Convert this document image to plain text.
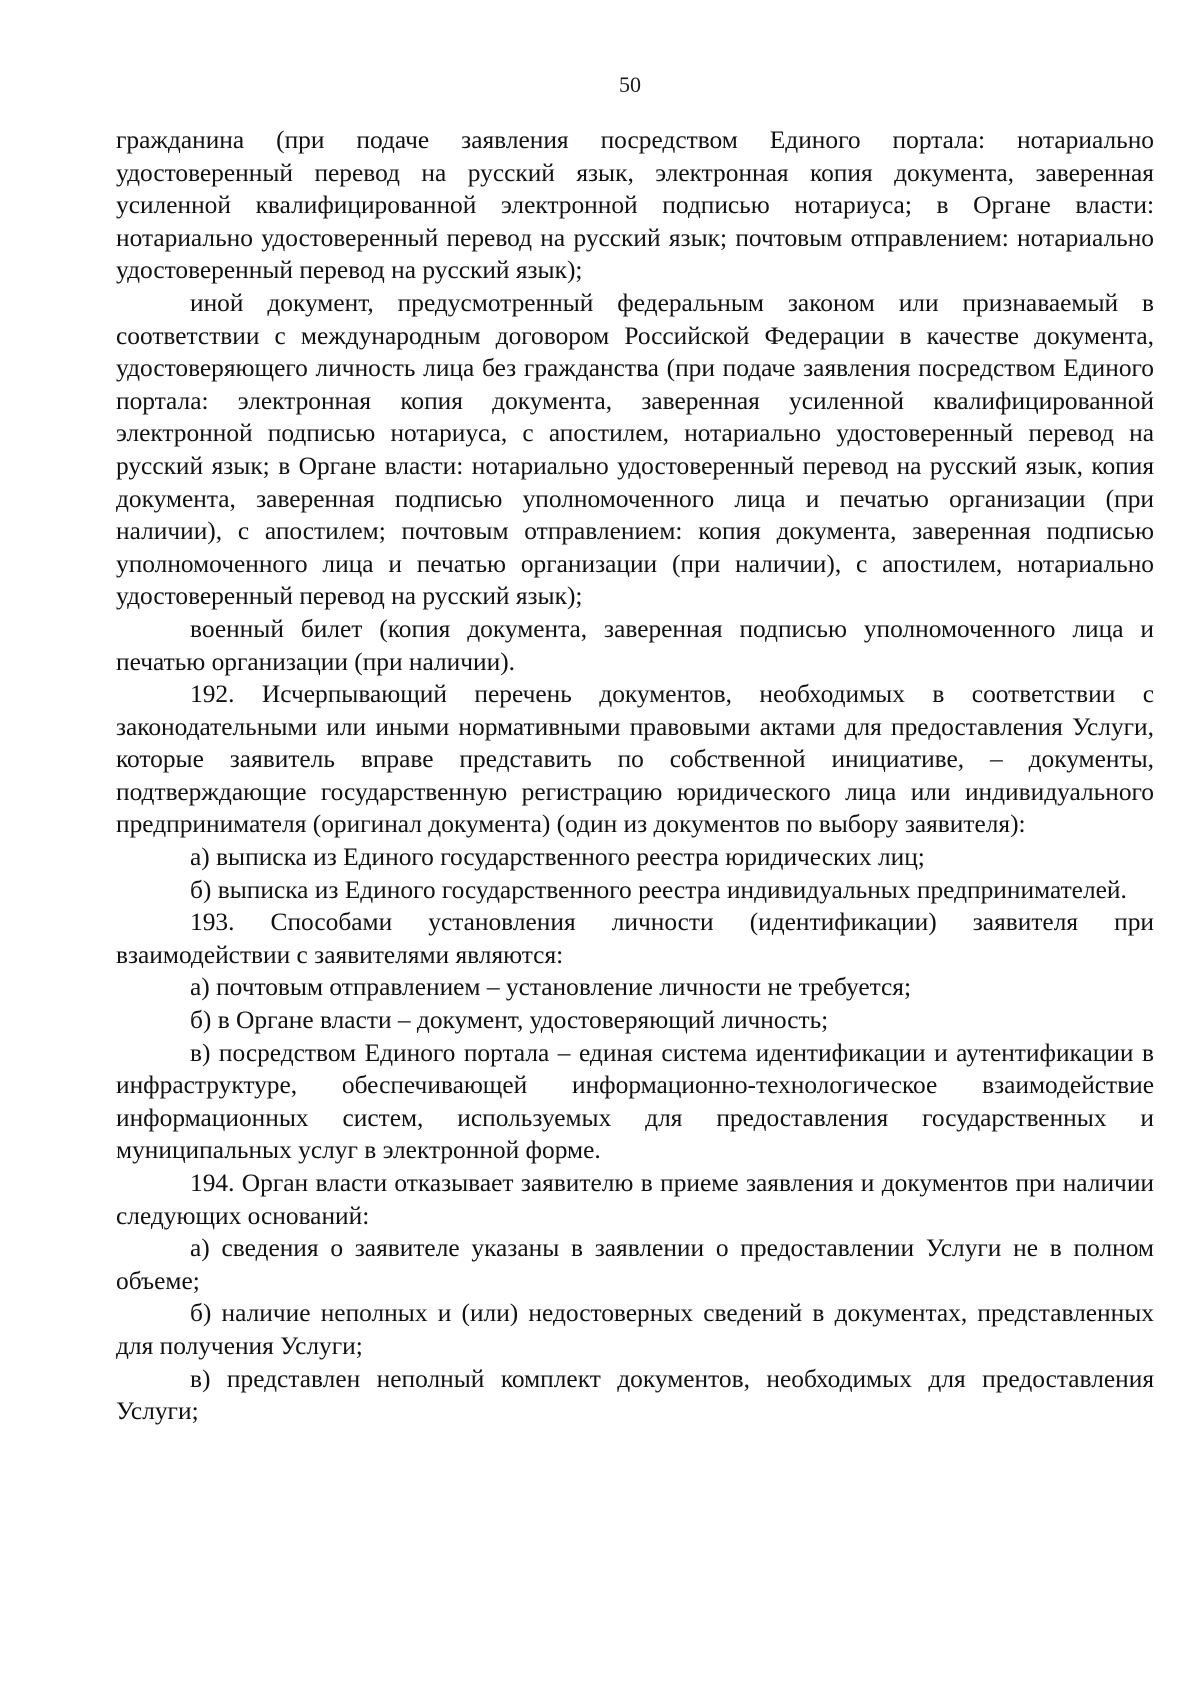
50

гражданина (при подаче заявления посредством Единого портала: нотариально удостоверенный перевод на русский язык, электронная копия документа, заверенная усиленной квалифицированной электронной подписью нотариуса; в Органе власти: нотариально удостоверенный перевод на русский язык; почтовым отправлением: нотариально удостоверенный перевод на русский язык);

иной документ, предусмотренный федеральным законом или признаваемый в соответствии с международным договором Российской Федерации в качестве документа, удостоверяющего личность лица без гражданства (при подаче заявления посредством Единого портала: электронная копия документа, заверенная усиленной квалифицированной электронной подписью нотариуса, с апостилем, нотариально удостоверенный перевод на русский язык; в Органе власти: нотариально удостоверенный перевод на русский язык, копия документа, заверенная подписью уполномоченного лица и печатью организации (при наличии), с апостилем; почтовым отправлением: копия документа, заверенная подписью уполномоченного лица и печатью организации (при наличии), с апостилем, нотариально удостоверенный перевод на русский язык);

военный билет (копия документа, заверенная подписью уполномоченного лица и печатью организации (при наличии).

192. Исчерпывающий перечень документов, необходимых в соответствии с законодательными или иными нормативными правовыми актами для предоставления Услуги, которые заявитель вправе представить по собственной инициативе, – документы, подтверждающие государственную регистрацию юридического лица или индивидуального предпринимателя (оригинал документа) (один из документов по выбору заявителя):

а) выписка из Единого государственного реестра юридических лиц;

б) выписка из Единого государственного реестра индивидуальных предпринимателей.

193. Способами установления личности (идентификации) заявителя при взаимодействии с заявителями являются:

а) почтовым отправлением – установление личности не требуется;

б) в Органе власти – документ, удостоверяющий личность;

в) посредством Единого портала – единая система идентификации и аутентификации в инфраструктуре, обеспечивающей информационно-технологическое взаимодействие информационных систем, используемых для предоставления государственных и муниципальных услуг в электронной форме.

194. Орган власти отказывает заявителю в приеме заявления и документов при наличии следующих оснований:

а) сведения о заявителе указаны в заявлении о предоставлении Услуги не в полном объеме;

б) наличие неполных и (или) недостоверных сведений в документах, представленных для получения Услуги;

в) представлен неполный комплект документов, необходимых для предоставления Услуги;
